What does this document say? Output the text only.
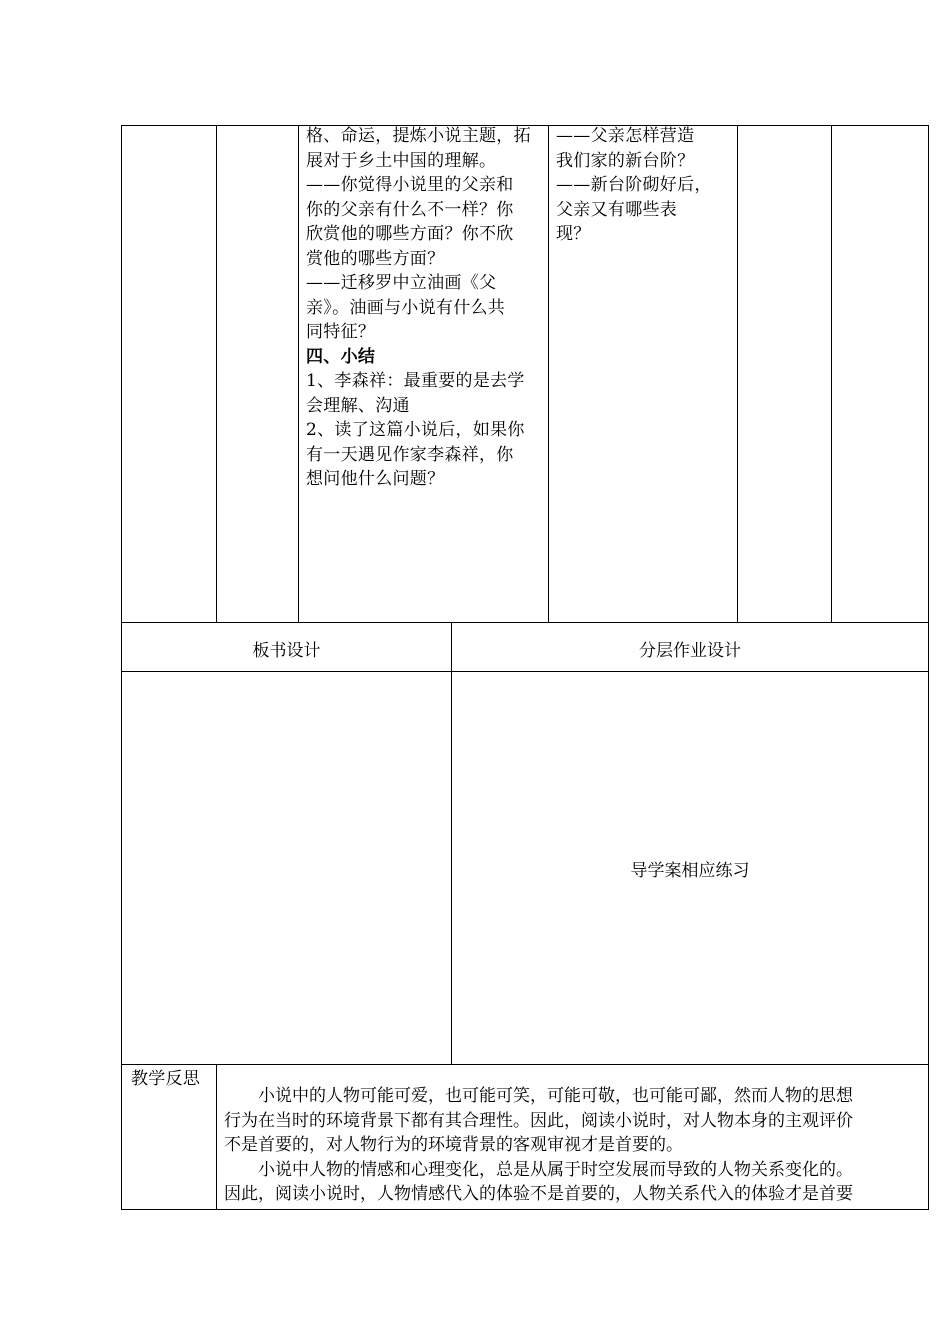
格、命运，提炼小说主题，拓
展对于乡土中国的理解。
——你觉得小说里的父亲和
你的父亲有什么不一样？你
欣赏他的哪些方面？你不欣
赏他的哪些方面？
——迁移罗中立油画《父
亲》。油画与小说有什么共
同特征？
四、小结
1、李森祥：最重要的是去学
会理解、沟通
2、读了这篇小说后，如果你
有一天遇见作家李森祥，你
想问他什么问题？
——父亲怎样营造
我们家的新台阶？
——新台阶砌好后，
父亲又有哪些表
现？
板书设计	分层作业设计
导学案相应练习
教学反思
　　小说中的人物可能可爱，也可能可笑，可能可敬，也可能可鄙，然而人物的思想
行为在当时的环境背景下都有其合理性。因此，阅读小说时，对人物本身的主观评价
不是首要的，对人物行为的环境背景的客观审视才是首要的。
　　小说中人物的情感和心理变化，总是从属于时空发展而导致的人物关系变化的。
因此，阅读小说时，人物情感代入的体验不是首要的，人物关系代入的体验才是首要
